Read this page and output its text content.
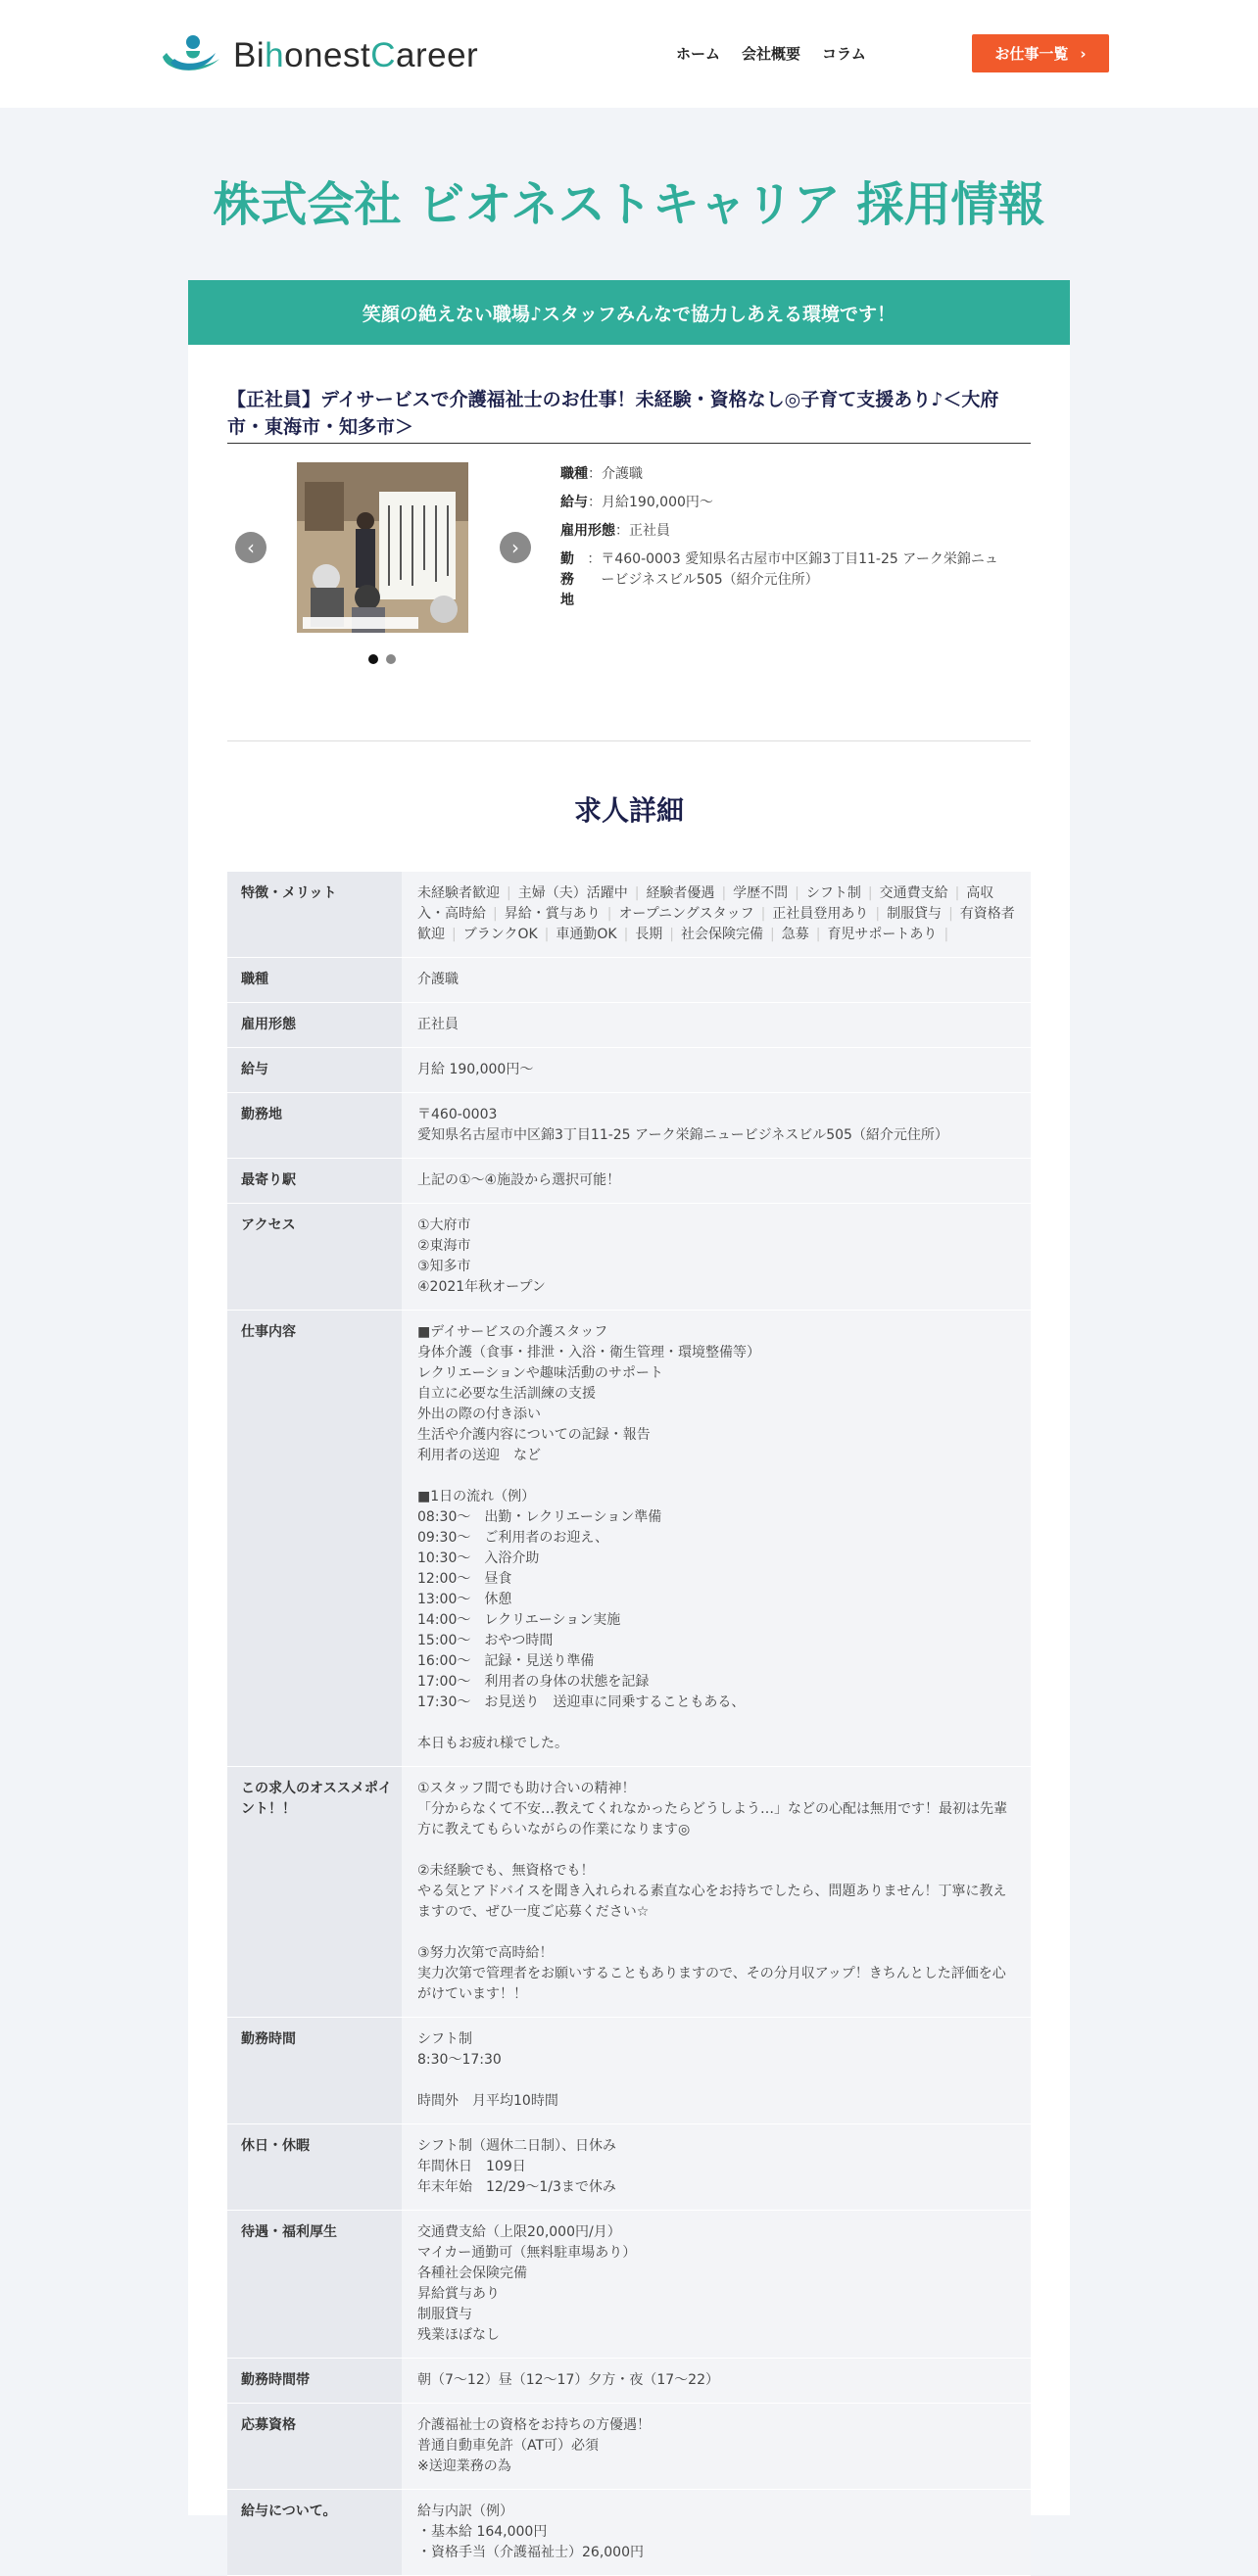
BihonestCareer	ホーム 会社概要 コラム	お仕事一覧 ›
株式会社 ビオネストキャリア 採用情報
笑顔の絶えない職場♪スタッフみんなで協力しあえる環境です！
【正社員】デイサービスで介護福祉士のお仕事！未経験・資格なし◎子育て支援あり♪＜大府市・東海市・知多市＞
‹	›
職種 ： 介護職
給与 ： 月給190,000円〜
雇用形態 ： 正社員
勤務地
： 〒460-0003 愛知県名古屋市中区錦3丁目11-25 アーク栄錦ニュービジネスビル505（紹介元住所）
求人詳細
特徴・メリット	未経験者歓迎 | 主婦（夫）活躍中 | 経験者優遇 | 学歴不問 | シフト制 | 交通費支給 | 高収入・高時給 | 昇給・賞与あり | オープニングスタッフ | 正社員登用あり | 制服貸与 | 有資格者歓迎 | ブランクOK | 車通勤OK | 長期 | 社会保険完備 | 急募 | 育児サポートあり |
職種	介護職
雇用形態	正社員
給与	月給 190,000円〜
勤務地	〒460-0003
愛知県名古屋市中区錦3丁目11-25 アーク栄錦ニュービジネスビル505（紹介元住所）
最寄り駅	上記の①～④施設から選択可能！
アクセス	①大府市
②東海市
③知多市
④2021年秋オープン
仕事内容	■デイサービスの介護スタッフ
身体介護（食事・排泄・入浴・衛生管理・環境整備等）
レクリエーションや趣味活動のサポート
自立に必要な生活訓練の支援
外出の際の付き添い
生活や介護内容についての記録・報告
利用者の送迎　など

■1日の流れ（例）
08:30～　出勤・レクリエーション準備
09:30～　ご利用者のお迎え、
10:30～　入浴介助
12:00～　昼食
13:00～　休憩
14:00～　レクリエーション実施
15:00～　おやつ時間
16:00～　記録・見送り準備
17:00～　利用者の身体の状態を記録
17:30～　お見送り　送迎車に同乗することもある、

本日もお疲れ様でした。
この求人のオススメポイント！！
①スタッフ間でも助け合いの精神！
「分からなくて不安…教えてくれなかったらどうしよう…」などの心配は無用です！最初は先輩方に教えてもらいながらの作業になります◎

②未経験でも、無資格でも！
やる気とアドバイスを聞き入れられる素直な心をお持ちでしたら、問題ありません！丁寧に教えますので、ぜひ一度ご応募ください☆

③努力次第で高時給！
実力次第で管理者をお願いすることもありますので、その分月収アップ！きちんとした評価を心がけています！！
勤務時間	シフト制
8:30～17:30

時間外　月平均10時間
休日・休暇	シフト制（週休二日制）、日休み
年間休日　109日
年末年始　12/29～1/3まで休み
待遇・福利厚生	交通費支給（上限20,000円/月）
マイカー通勤可（無料駐車場あり）
各種社会保険完備
昇給賞与あり
制服貸与
残業ほぼなし
勤務時間帯	朝（7〜12）昼（12〜17）夕方・夜（17〜22）
応募資格	介護福祉士の資格をお持ちの方優遇！
普通自動車免許（AT可）必須
※送迎業務の為
給与について。	給与内訳（例）
・基本給 164,000円
・資格手当（介護福祉士）26,000円
